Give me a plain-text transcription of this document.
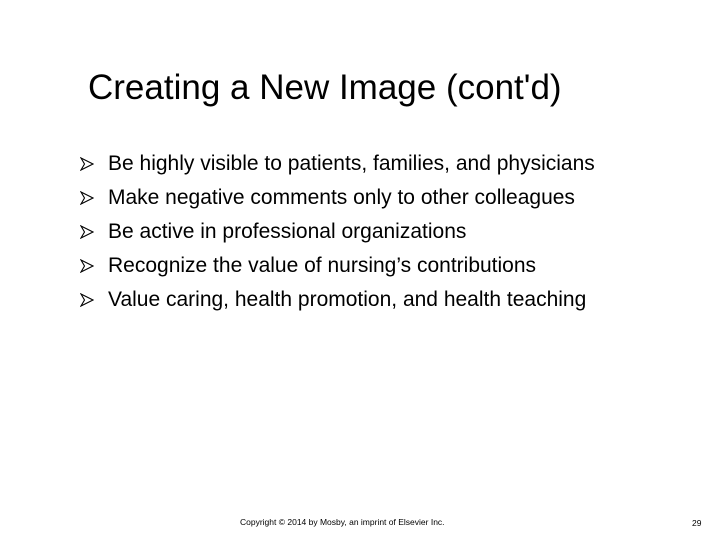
Creating a New Image (cont'd)
Be highly visible to patients, families, and physicians
Make negative comments only to other colleagues
Be active in professional organizations
Recognize the value of nursing’s contributions
Value caring, health promotion, and health teaching
Copyright © 2014 by Mosby, an imprint of Elsevier Inc.	29
